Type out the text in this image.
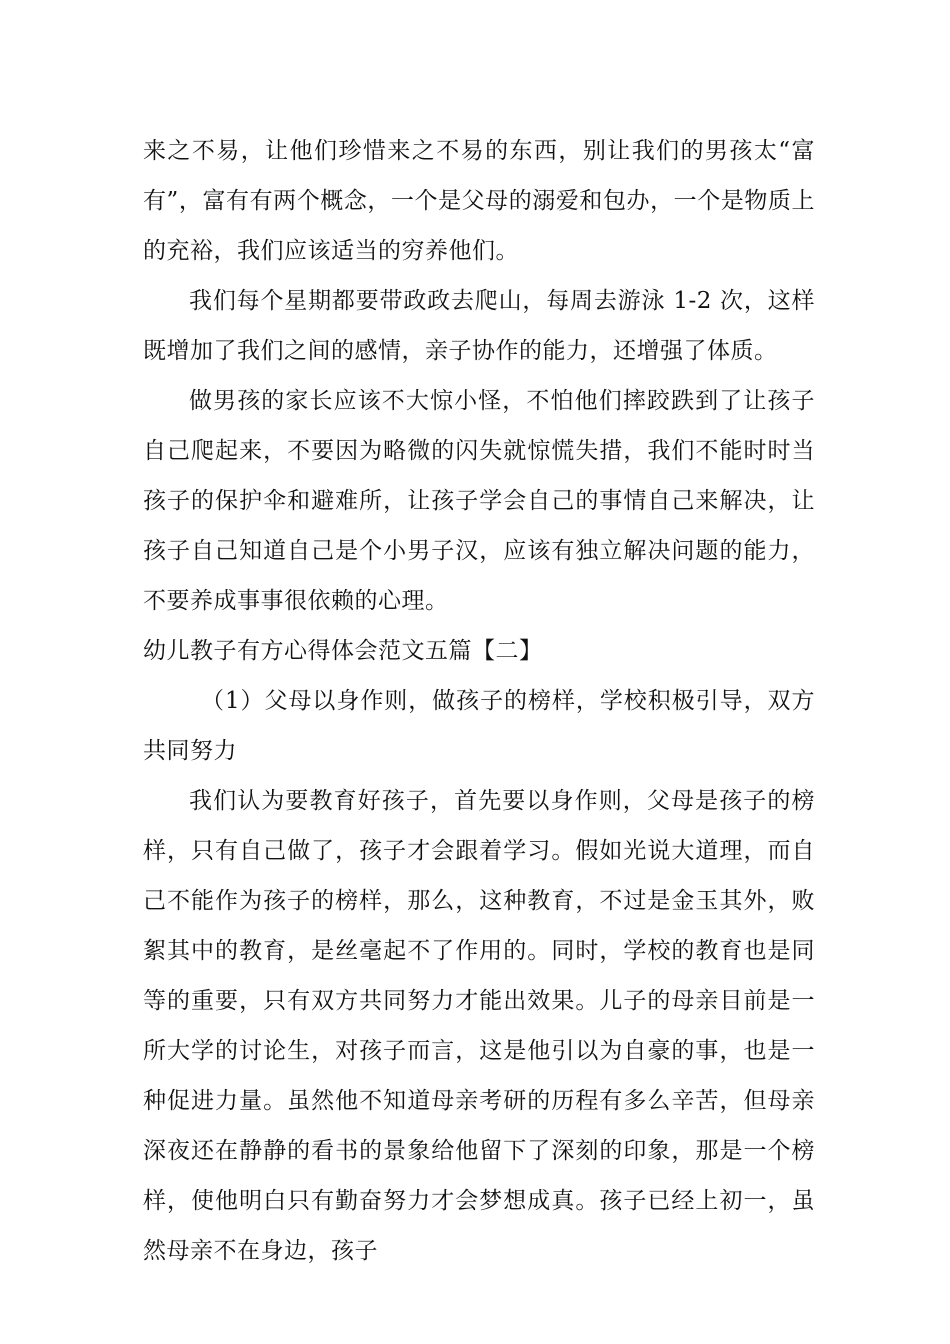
来之不易，让他们珍惜来之不易的东西，别让我们的男孩太“富有”，富有有两个概念，一个是父母的溺爱和包办，一个是物质上的充裕，我们应该适当的穷养他们。

我们每个星期都要带政政去爬山，每周去游泳 1-2 次，这样既增加了我们之间的感情，亲子协作的能力，还增强了体质。

做男孩的家长应该不大惊小怪，不怕他们摔跤跌到了让孩子自己爬起来，不要因为略微的闪失就惊慌失措，我们不能时时当孩子的保护伞和避难所，让孩子学会自己的事情自己来解决，让孩子自己知道自己是个小男子汉，应该有独立解决问题的能力，不要养成事事很依赖的心理。

幼儿教子有方心得体会范文五篇【二】

（1）父母以身作则，做孩子的榜样，学校积极引导，双方共同努力

我们认为要教育好孩子，首先要以身作则，父母是孩子的榜样，只有自己做了，孩子才会跟着学习。假如光说大道理，而自己不能作为孩子的榜样，那么，这种教育，不过是金玉其外，败絮其中的教育，是丝毫起不了作用的。同时，学校的教育也是同等的重要，只有双方共同努力才能出效果。儿子的母亲目前是一所大学的讨论生，对孩子而言，这是他引以为自豪的事，也是一种促进力量。虽然他不知道母亲考研的历程有多么辛苦，但母亲深夜还在静静的看书的景象给他留下了深刻的印象，那是一个榜样，使他明白只有勤奋努力才会梦想成真。孩子已经上初一，虽然母亲不在身边，孩子
